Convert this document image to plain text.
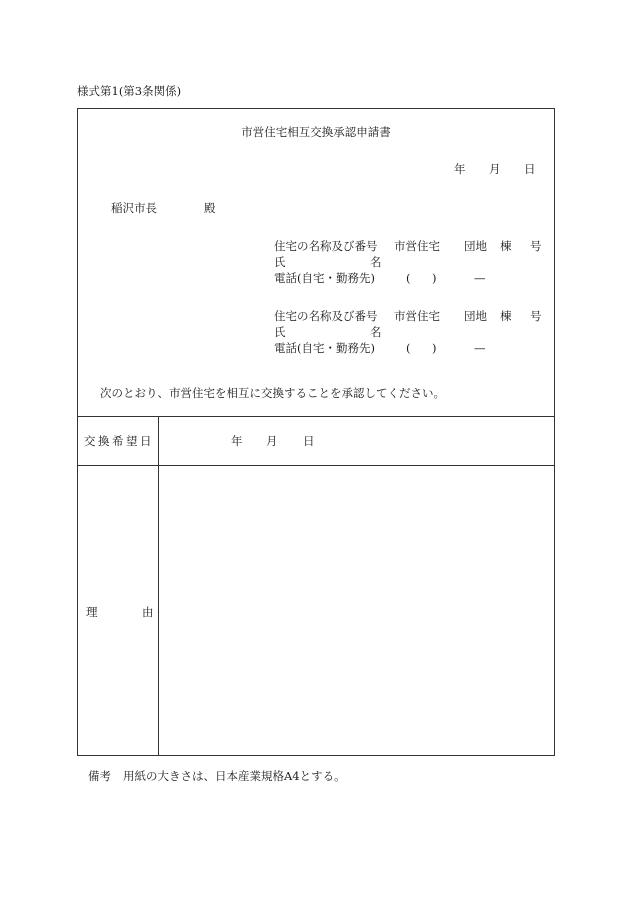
様式第1(第3条関係)
市営住宅相互交換承認申請書
年 月 日
稲沢市長	殿
住宅の名称及び番号 市営住宅 団地 棟 号
氏	名
電話(自宅・勤務先)	( )	—
住宅の名称及び番号 市営住宅 団地 棟 号
氏	名
電話(自宅・勤務先)	( )	—
次のとおり、市営住宅を相互に交換することを承認してください。
交換希望日	年 月 日
理	由
備考 用紙の大きさは、日本産業規格A4とする。
